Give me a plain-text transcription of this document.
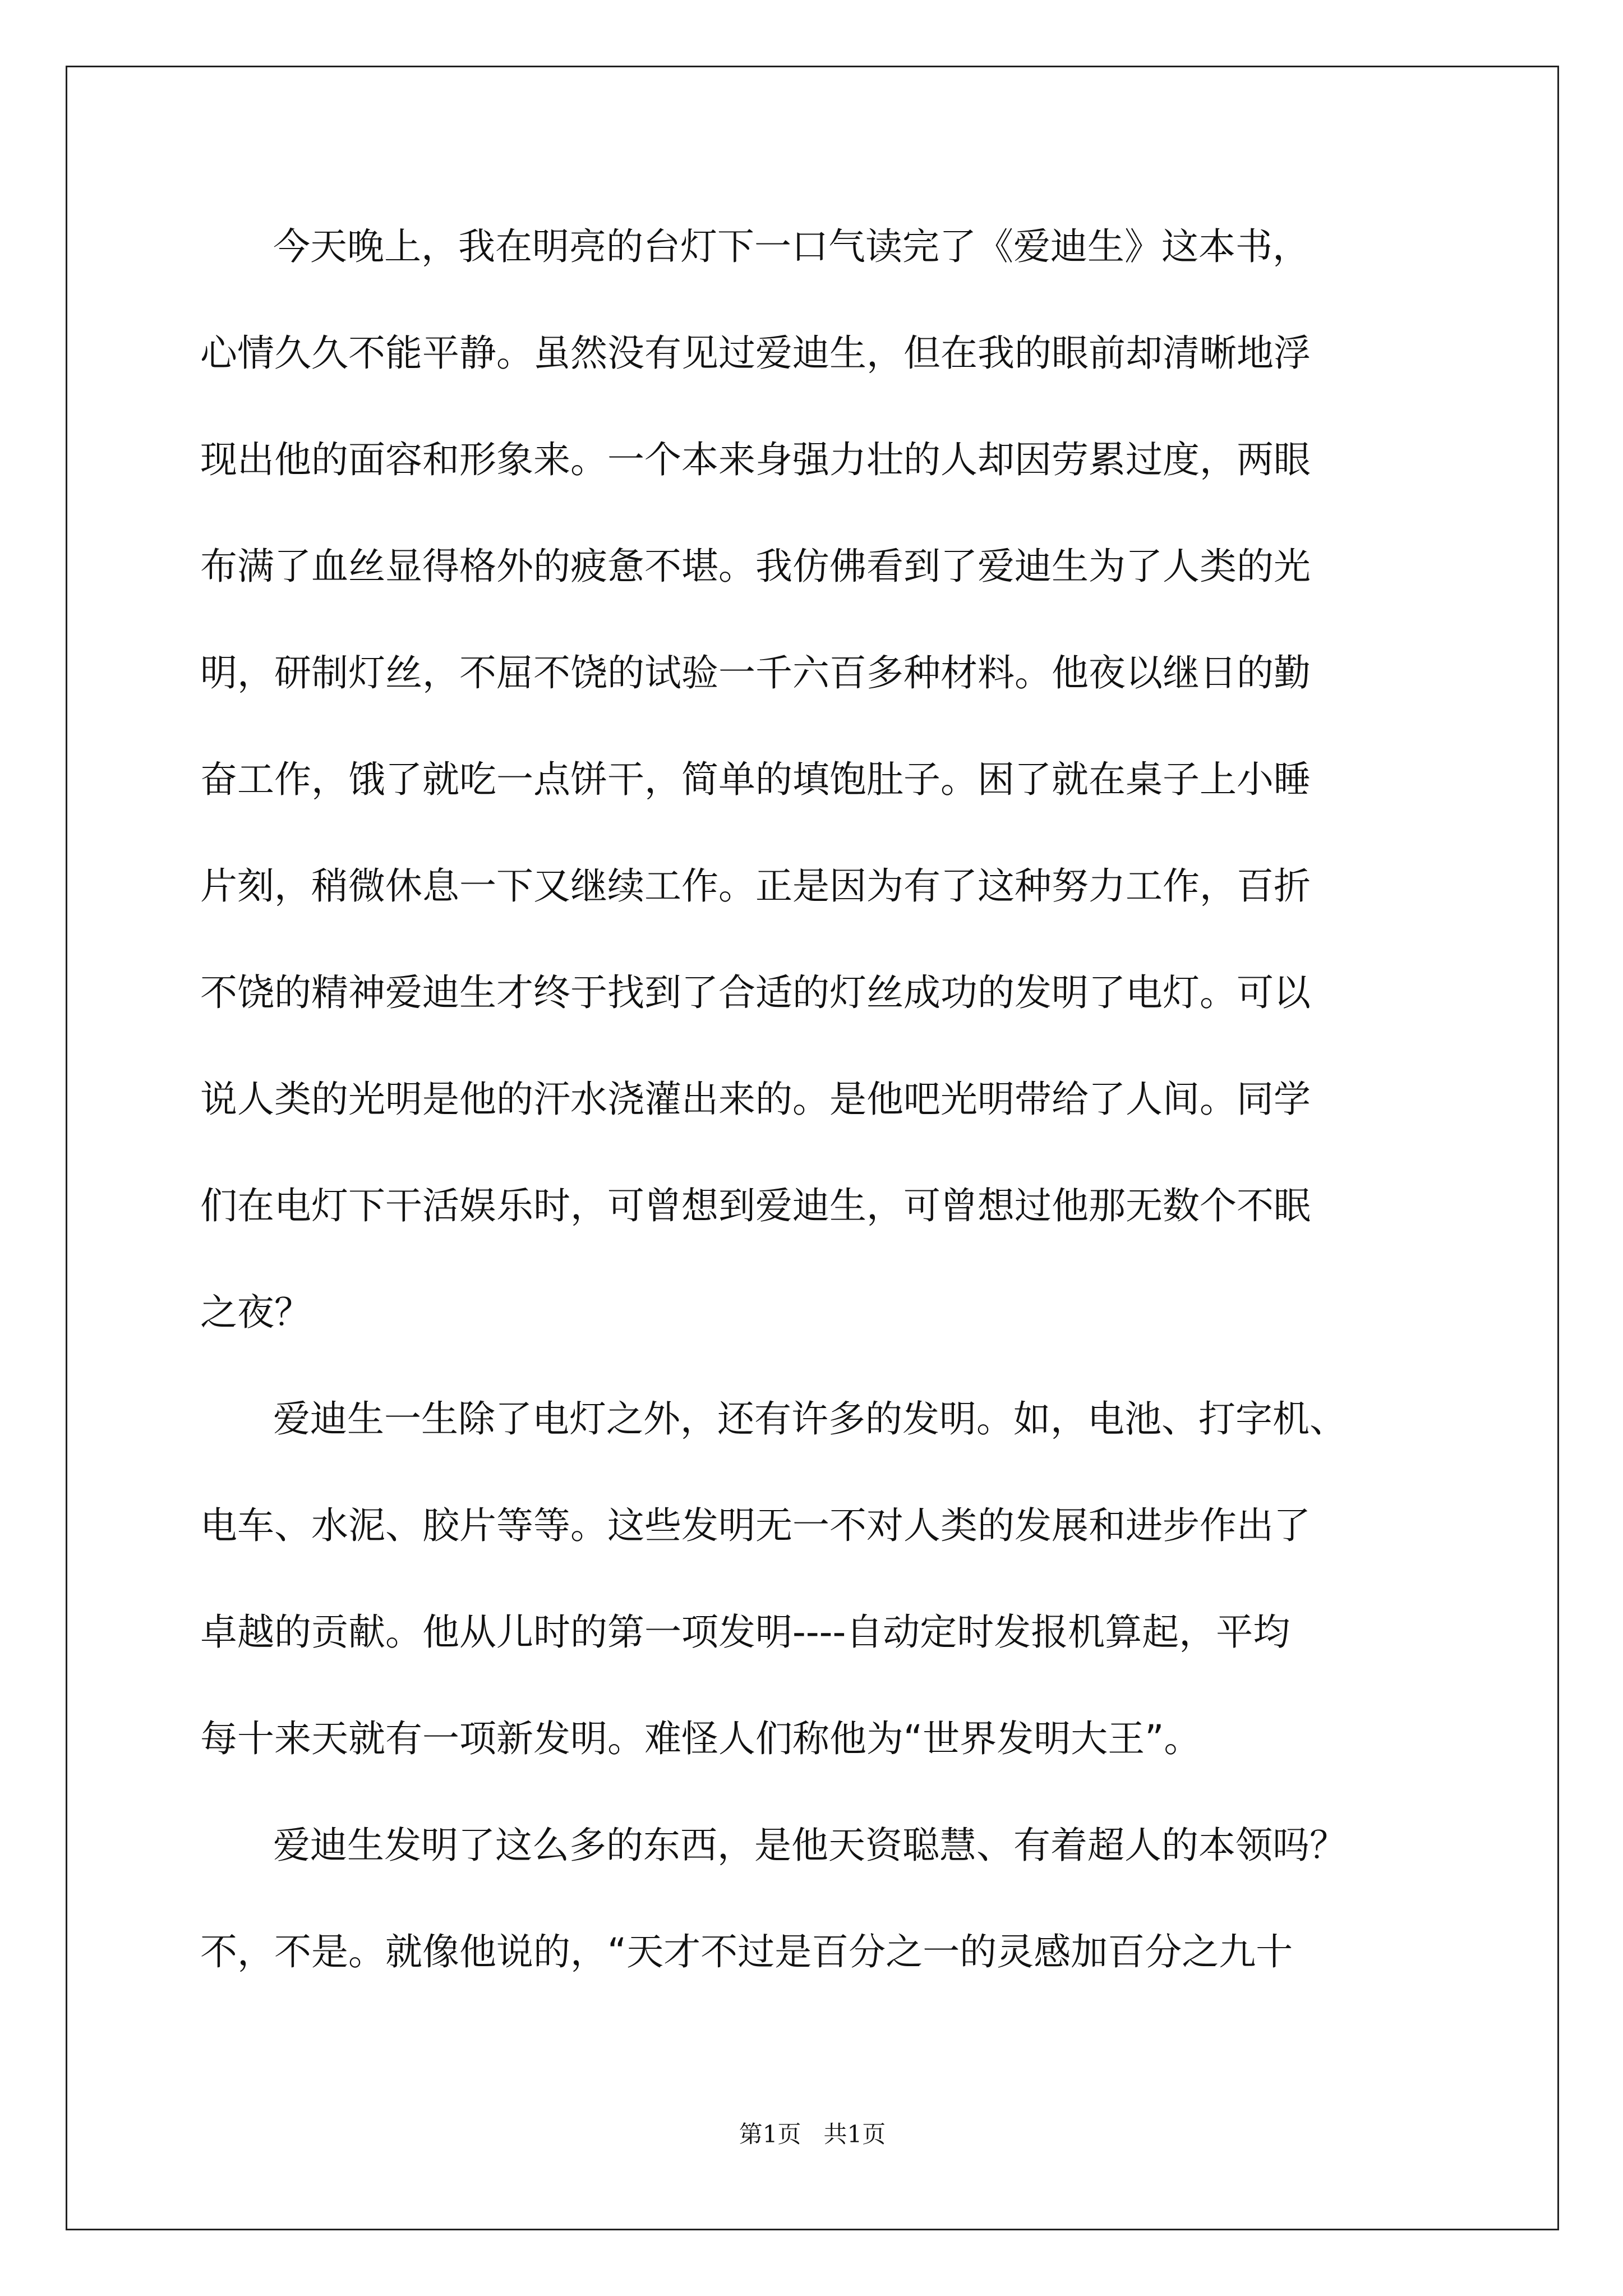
今天晚上，我在明亮的台灯下一口气读完了《爱迪生》这本书，
心情久久不能平静。虽然没有见过爱迪生，但在我的眼前却清晰地浮
现出他的面容和形象来。一个本来身强力壮的人却因劳累过度，两眼
布满了血丝显得格外的疲惫不堪。我仿佛看到了爱迪生为了人类的光
明，研制灯丝，不屈不饶的试验一千六百多种材料。他夜以继日的勤
奋工作，饿了就吃一点饼干，简单的填饱肚子。困了就在桌子上小睡
片刻，稍微休息一下又继续工作。正是因为有了这种努力工作，百折
不饶的精神爱迪生才终于找到了合适的灯丝成功的发明了电灯。可以
说人类的光明是他的汗水浇灌出来的。是他吧光明带给了人间。同学
们在电灯下干活娱乐时，可曾想到爱迪生，可曾想过他那无数个不眠
之夜？
爱迪生一生除了电灯之外，还有许多的发明。如，电池、打字机、
电车、水泥、胶片等等。这些发明无一不对人类的发展和进步作出了
卓越的贡献。他从儿时的第一项发明----自动定时发报机算起，平均
每十来天就有一项新发明。难怪人们称他为“世界发明大王”。
爱迪生发明了这么多的东西，是他天资聪慧、有着超人的本领吗？
不，不是。就像他说的，“天才不过是百分之一的灵感加百分之九十
第1页 共1页
